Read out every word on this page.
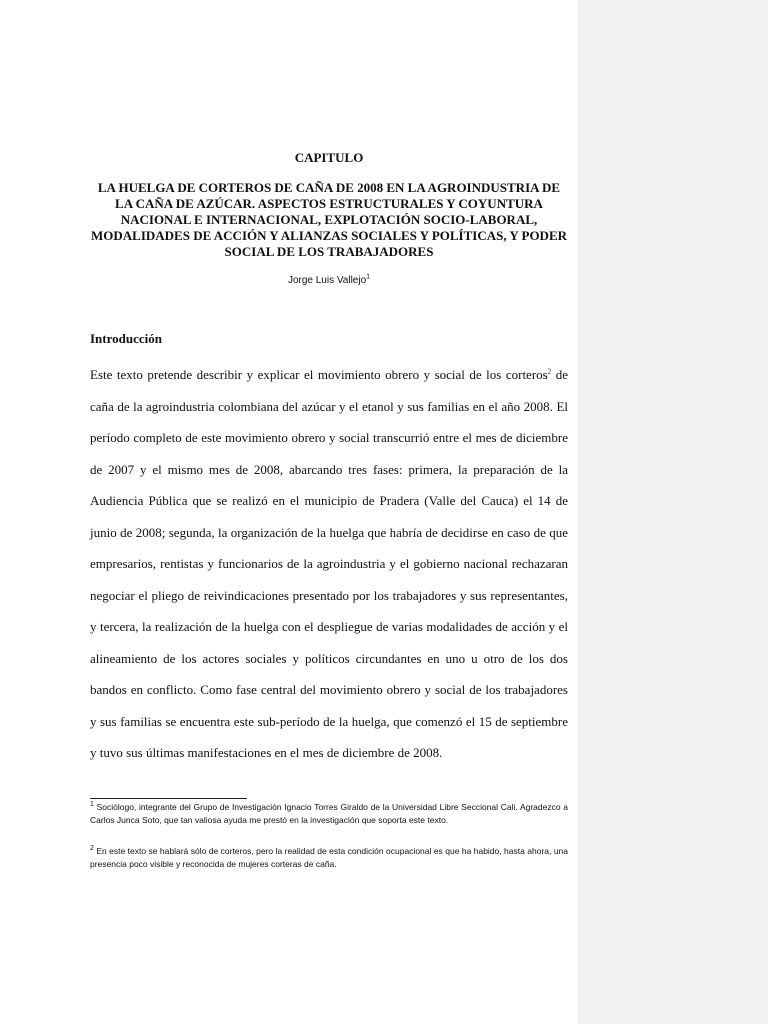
CAPITULO
LA HUELGA DE CORTEROS DE CAÑA DE 2008 EN LA AGROINDUSTRIA DE LA CAÑA DE AZÚCAR. ASPECTOS ESTRUCTURALES Y COYUNTURA NACIONAL E INTERNACIONAL, EXPLOTACIÓN SOCIO-LABORAL, MODALIDADES DE ACCIÓN Y ALIANZAS SOCIALES Y POLÍTICAS, Y PODER SOCIAL DE LOS TRABAJADORES
Jorge Luis Vallejo$^1$
Introducción

Este texto pretende describir y explicar el movimiento obrero y social de los corteros$^2$ de caña de la agroindustria colombiana del azúcar y el etanol y sus familias en el año 2008. El período completo de este movimiento obrero y social transcurrió entre el mes de diciembre de 2007 y el mismo mes de 2008, abarcando tres fases: primera, la preparación de la Audiencia Pública que se realizó en el municipio de Pradera (Valle del Cauca) el 14 de junio de 2008; segunda, la organización de la huelga que habría de decidirse en caso de que empresarios, rentistas y funcionarios de la agroindustria y el gobierno nacional rechazaran negociar el pliego de reivindicaciones presentado por los trabajadores y sus representantes, y tercera, la realización de la huelga con el despliegue de varias modalidades de acción y el alineamiento de los actores sociales y políticos circundantes en uno u otro de los dos bandos en conflicto. Como fase central del movimiento obrero y social de los trabajadores y sus familias se encuentra este sub-período de la huelga, que comenzó el 15 de septiembre y tuvo sus últimas manifestaciones en el mes de diciembre de 2008.

$^1$ Sociólogo, integrante del Grupo de Investigación Ignacio Torres Giraldo de la Universidad Libre Seccional Cali. Agradezco a Carlos Junca Soto, que tan valiosa ayuda me prestó en la investigación que soporta este texto.

$^2$ En este texto se hablará sólo de corteros, pero la realidad de esta condición ocupacional es que ha habido, hasta ahora, una presencia poco visible y reconocida de mujeres corteras de caña.
